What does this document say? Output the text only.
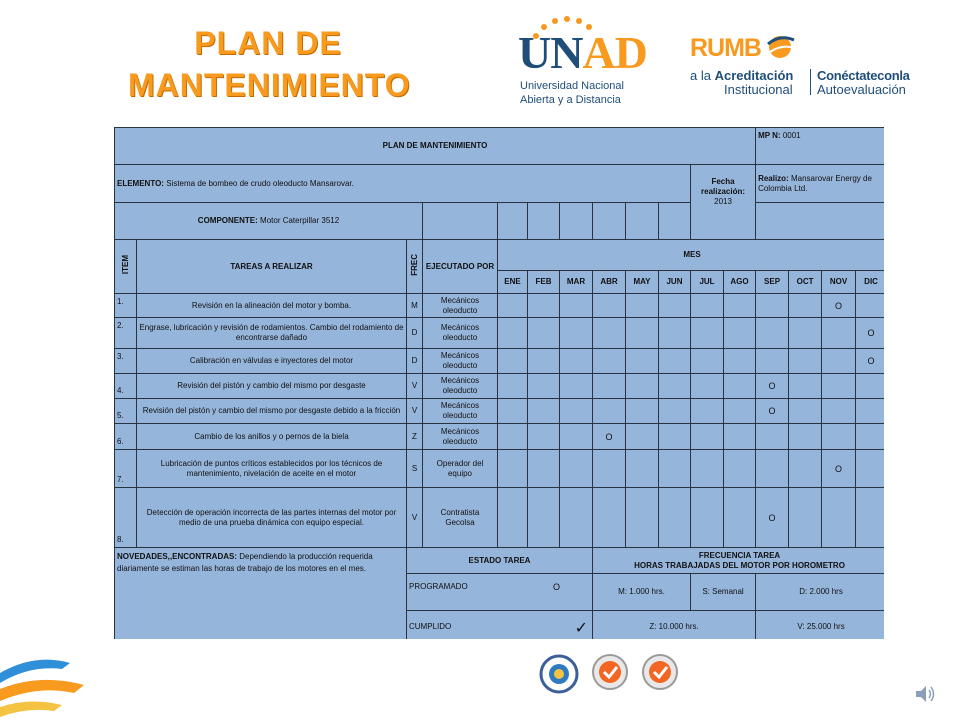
PLAN DE
MANTENIMIENTO
UNAD
Universidad Nacional
Abierta y a Distancia
RUMB
a la Acreditación
Institucional
Conéctateconla
Autoevaluación
PLAN DE MANTENIMIENTO												MP N: 0001			
ELEMENTO: Sistema de bombeo de crudo oleoducto Mansarovar.										Fecha realización:
2013		Realizo: Mansarovar Energy de Colombia Ltd.			
COMPONENTE: Motor Caterpillar 3512															
ITEM	TAREAS A REALIZAR	FREC	EJECUTADO POR	MES											
				ENE	FEB	MAR	ABR	MAY	JUN	JUL	AGO	SEP	OCT	NOV	DIC
1.	Revisión en la alineación del motor y bomba.	M	Mecánicos oleoducto											O	
2.	Engrase, lubricación y revisión de rodamientos. Cambio del rodamiento de encontrarse dañado	D	Mecánicos oleoducto												O
3.	Calibración en válvulas e inyectores del motor	D	Mecánicos oleoducto												O
4.	Revisión del pistón y cambio del mismo por desgaste	V	Mecánicos oleoducto									O			
5.	Revisión del pistón y cambio del mismo por desgaste debido a la fricción	V	Mecánicos oleoducto									O			
6.	Cambio de los anillos y o pernos de la biela	Z	Mecánicos oleoducto				O								
7.	Lubricación de puntos críticos establecidos por los técnicos de mantenimiento, nivelación de aceite en el motor	S	Operador del equipo											O	
8.	Detección de operación incorrecta de las partes internas del motor por medio de una prueba dinámica con equipo especial.	V	Contratista Gecolsa									O			
NOVEDADES,,ENCONTRADAS: Dependiendo la producción requerida diariamente se estiman las horas de trabajo de los motores en el mes.		ESTADO TAREA					FRECUENCIA TAREA
HORAS TRABAJADAS DEL MOTOR POR HOROMETRO								

		PROGRAMADO O					M: 1.000 hrs.			S: Semanal		D: 2.000 hrs			
		CUMPLIDO ✓					Z: 10.000 hrs.					V: 25.000 hrs			
